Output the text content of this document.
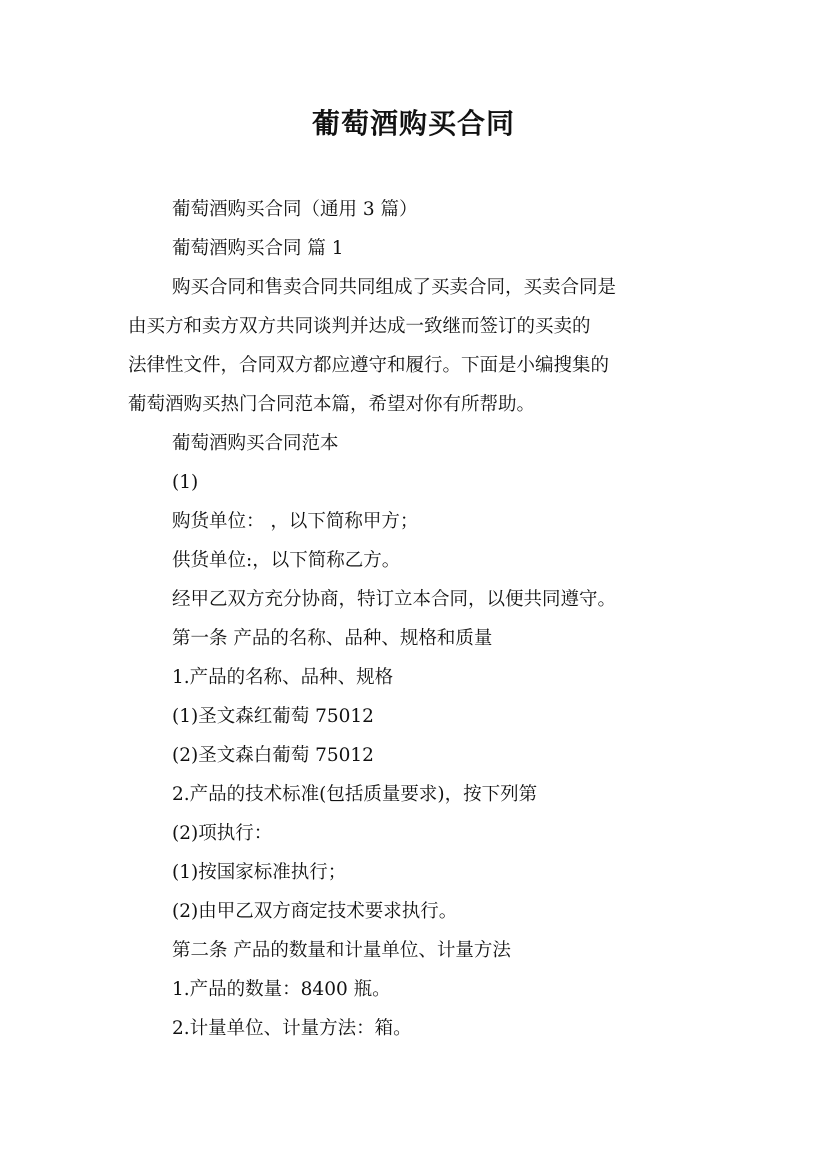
葡萄酒购买合同
葡萄酒购买合同（通用 3 篇）
葡萄酒购买合同 篇 1
购买合同和售卖合同共同组成了买卖合同，买卖合同是
由买方和卖方双方共同谈判并达成一致继而签订的买卖的
法律性文件，合同双方都应遵守和履行。下面是小编搜集的
葡萄酒购买热门合同范本篇，希望对你有所帮助。
葡萄酒购买合同范本
(1)
购货单位： ，以下简称甲方；
供货单位:，以下简称乙方。
经甲乙双方充分协商，特订立本合同，以便共同遵守。
第一条 产品的名称、品种、规格和质量
1.产品的名称、品种、规格
(1)圣文森红葡萄 75012
(2)圣文森白葡萄 75012
2.产品的技术标准(包括质量要求)，按下列第
(2)项执行：
(1)按国家标准执行；
(2)由甲乙双方商定技术要求执行。
第二条 产品的数量和计量单位、计量方法
1.产品的数量：8400 瓶。
2.计量单位、计量方法：箱。
